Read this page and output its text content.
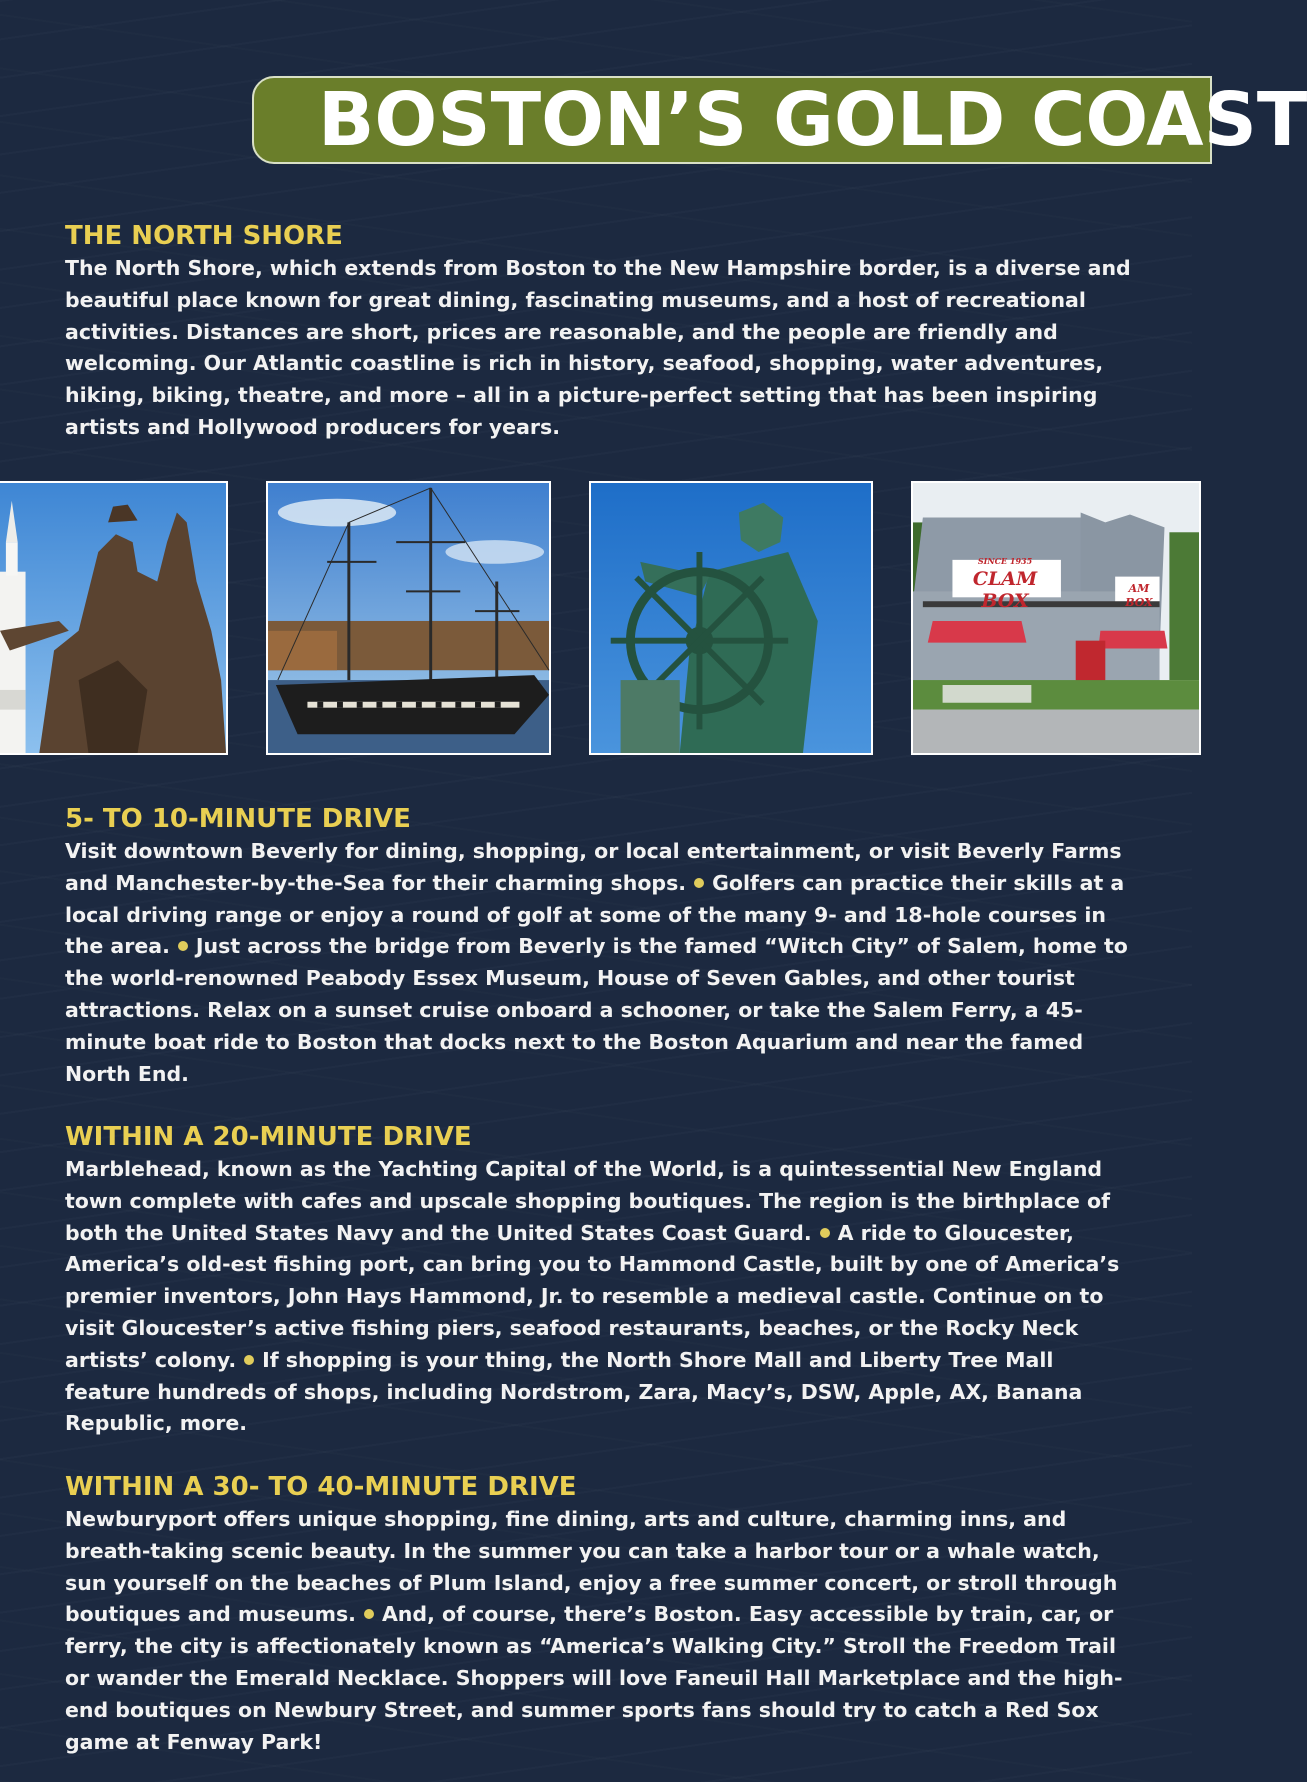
BOSTON’S GOLD COAST
THE NORTH SHORE

The North Shore, which extends from Boston to the New Hampshire border, is a diverse and beautiful place known for great dining, fascinating museums, and a host of recreational activities. Distances are short, prices are reasonable, and the people are friendly and welcoming. Our Atlantic coastline is rich in history, seafood, shopping, water adventures, hiking, biking, theatre, and more – all in a picture-perfect setting that has been inspiring artists and Hollywood producers for years.

SINCE 1935
CLAM BOX
AM BOX
5- TO 10-MINUTE DRIVE

Visit downtown Beverly for dining, shopping, or local entertainment, or visit Beverly Farms and Manchester-by-the-Sea for their charming shops. Golfers can practice their skills at a local driving range or enjoy a round of golf at some of the many 9- and 18-hole courses in the area. Just across the bridge from Beverly is the famed “Witch City” of Salem, home to the world-renowned Peabody Essex Museum, House of Seven Gables, and other tourist attractions. Relax on a sunset cruise onboard a schooner, or take the Salem Ferry, a 45-minute boat ride to Boston that docks next to the Boston Aquarium and near the famed North End.

WITHIN A 20-MINUTE DRIVE

Marblehead, known as the Yachting Capital of the World, is a quintessential New England town complete with cafes and upscale shopping boutiques. The region is the birthplace of both the United States Navy and the United States Coast Guard. A ride to Gloucester, America’s old-est fishing port, can bring you to Hammond Castle, built by one of America’s premier inventors, John Hays Hammond, Jr. to resemble a medieval castle. Continue on to visit Gloucester’s active fishing piers, seafood restaurants, beaches, or the Rocky Neck artists’ colony. If shopping is your thing, the North Shore Mall and Liberty Tree Mall feature hundreds of shops, including Nordstrom, Zara, Macy’s, DSW, Apple, AX, Banana Republic, more.

WITHIN A 30- TO 40-MINUTE DRIVE

Newburyport offers unique shopping, fine dining, arts and culture, charming inns, and breath-taking scenic beauty. In the summer you can take a harbor tour or a whale watch, sun yourself on the beaches of Plum Island, enjoy a free summer concert, or stroll through boutiques and museums. And, of course, there’s Boston. Easy accessible by train, car, or ferry, the city is affectionately known as “America’s Walking City.” Stroll the Freedom Trail or wander the Emerald Necklace. Shoppers will love Faneuil Hall Marketplace and the high-end boutiques on Newbury Street, and summer sports fans should try to catch a Red Sox game at Fenway Park!
